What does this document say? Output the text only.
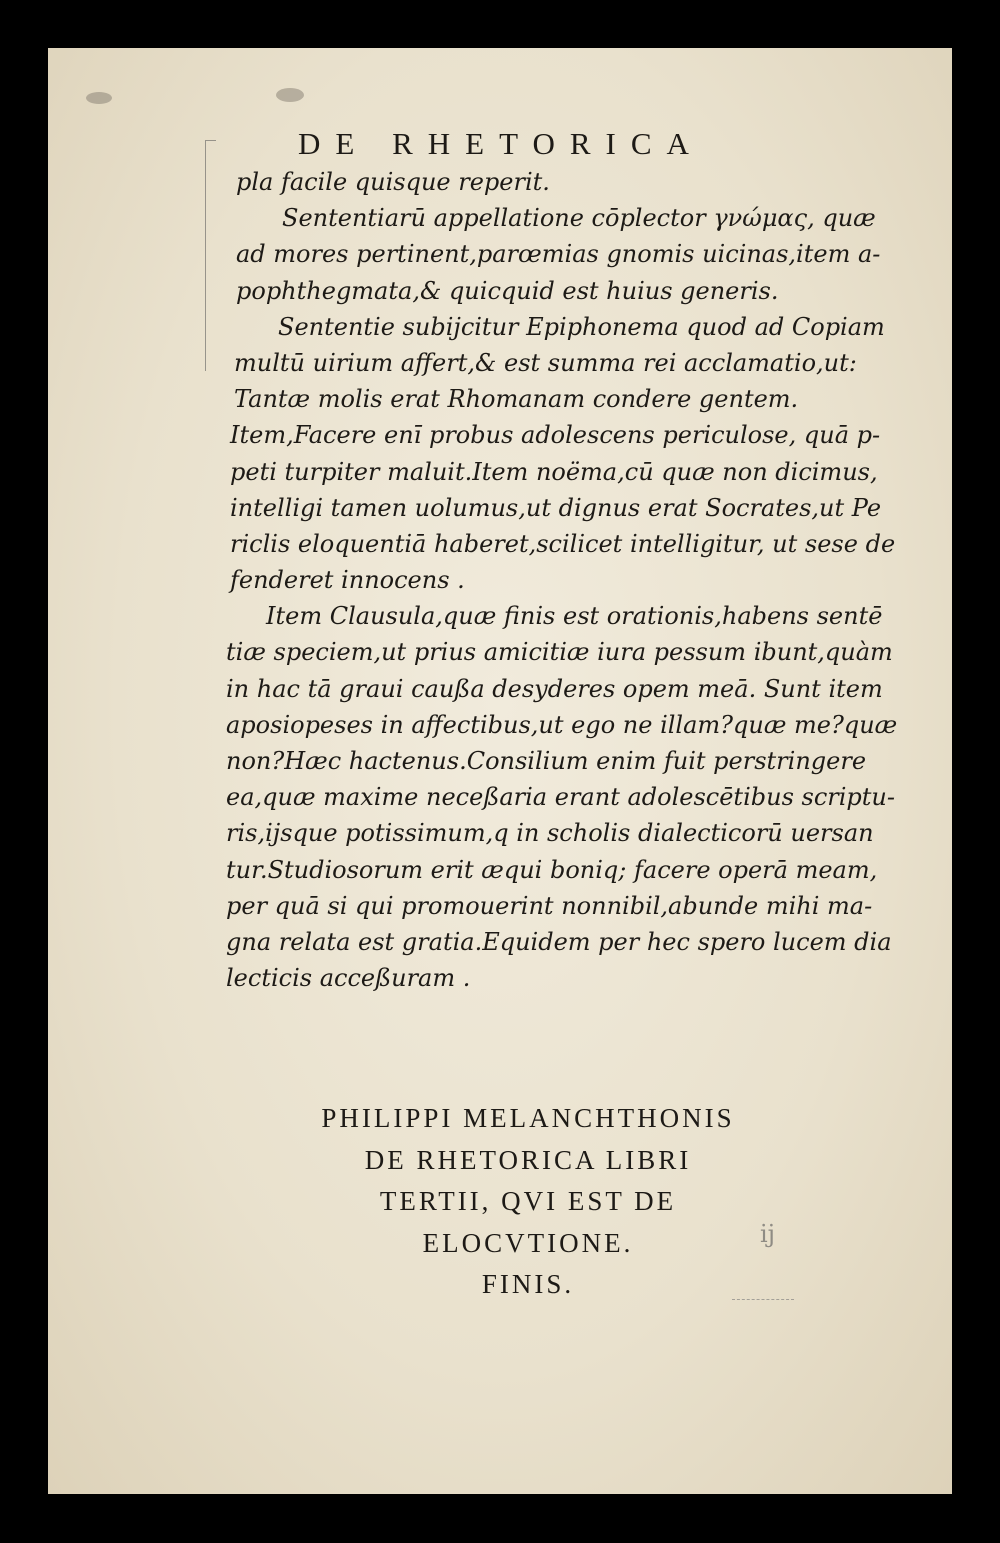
DE RHETORICA
pla facile quisque reperit.
Sententiarū appellatione cōplector γνώμας, quæ
ad mores pertinent,parœmias gnomis uicinas,item a-
pophthegmata,& quicquid est huius generis.
Sententie subijcitur Epiphonema quod ad Copiam
multū uirium affert,& est summa rei acclamatio,ut:
Tantæ molis erat Rhomanam condere gentem.
Item,Facere enī probus adolescens periculose, quā p-
peti turpiter maluit.Item noëma,cū quæ non dicimus,
intelligi tamen uolumus,ut dignus erat Socrates,ut Pe
riclis eloquentiā haberet,scilicet intelligitur, ut sese de
fenderet innocens .
Item Clausula,quæ finis est orationis,habens sentē
tiæ speciem,ut prius amicitiæ iura pessum ibunt,quàm
in hac tā graui caußa desyderes opem meā. Sunt item
aposiopeses in affectibus,ut ego ne illam?quæ me?quæ
non?Hæc hactenus.Consilium enim fuit perstringere
ea,quæ maxime neceßaria erant adolescētibus scriptu-
ris,ijsque potissimum,q in scholis dialecticorū uersan
tur.Studiosorum erit æqui boniq; facere operā meam,
per quā si qui promouerint nonnibil,abunde mihi ma-
gna relata est gratia.Equidem per hec spero lucem dia
lecticis acceßuram .
PHILIPPI MELANCHTHONIS
DE RHETORICA LIBRI
TERTII, QVI EST DE
ELOCVTIONE.
FINIS.
ij
